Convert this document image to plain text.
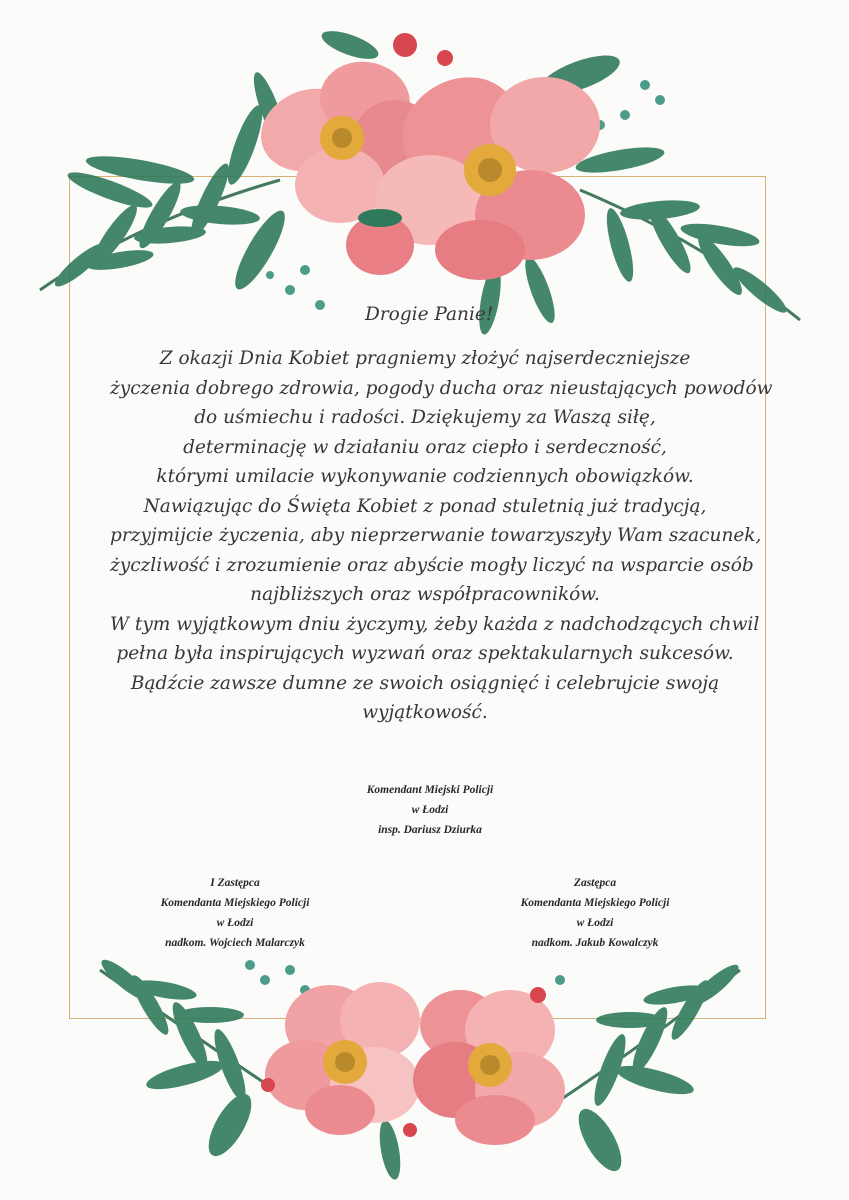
Drogie Panie!
Z okazji Dnia Kobiet pragniemy złożyć najserdeczniejsze
życzenia dobrego zdrowia, pogody ducha oraz nieustających powodów
do uśmiechu i radości. Dziękujemy za Waszą siłę,
determinację w działaniu oraz ciepło i serdeczność,
którymi umilacie wykonywanie codziennych obowiązków.
Nawiązując do Święta Kobiet z ponad stuletnią już tradycją,
przyjmijcie życzenia, aby nieprzerwanie towarzyszyły Wam szacunek,
życzliwość i zrozumienie oraz abyście mogły liczyć na wsparcie osób
najbliższych oraz współpracowników.
W tym wyjątkowym dniu życzymy, żeby każda z nadchodzących chwil
pełna była inspirujących wyzwań oraz spektakularnych sukcesów.
Bądźcie zawsze dumne ze swoich osiągnięć i celebrujcie swoją
wyjątkowość.
Komendant Miejski Policji
w Łodzi
insp. Dariusz Dziurka
I Zastępca
Komendanta Miejskiego Policji
w Łodzi
nadkom. Wojciech Malarczyk
Zastępca
Komendanta Miejskiego Policji
w Łodzi
nadkom. Jakub Kowalczyk
